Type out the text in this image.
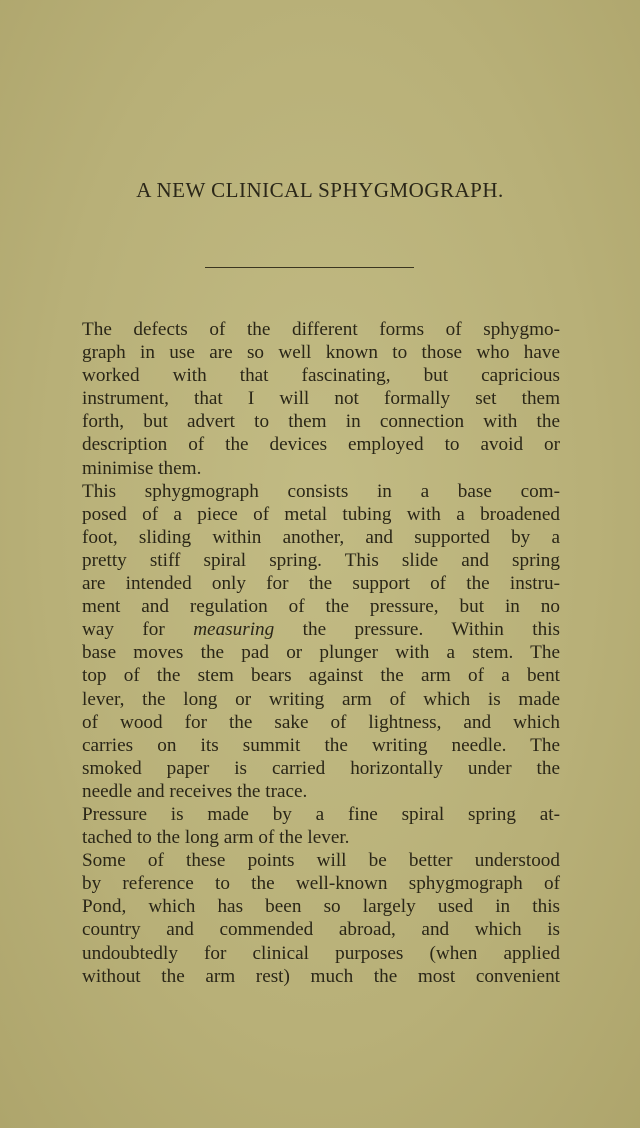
A NEW CLINICAL SPHYGMOGRAPH.
The defects of the different forms of sphygmo-
graph in use are so well known to those who have
worked with that fascinating, but capricious
instrument, that I will not formally set them
forth, but advert to them in connection with the
description of the devices employed to avoid or
minimise them.
This sphygmograph consists in a base com-
posed of a piece of metal tubing with a broadened
foot, sliding within another, and supported by a
pretty stiff spiral spring. This slide and spring
are intended only for the support of the instru-
ment and regulation of the pressure, but in no
way for measuring the pressure. Within this
base moves the pad or plunger with a stem. The
top of the stem bears against the arm of a bent
lever, the long or writing arm of which is made
of wood for the sake of lightness, and which
carries on its summit the writing needle. The
smoked paper is carried horizontally under the
needle and receives the trace.
Pressure is made by a fine spiral spring at-
tached to the long arm of the lever.
Some of these points will be better understood
by reference to the well-known sphygmograph of
Pond, which has been so largely used in this
country and commended abroad, and which is
undoubtedly for clinical purposes (when applied
without the arm rest) much the most convenient
